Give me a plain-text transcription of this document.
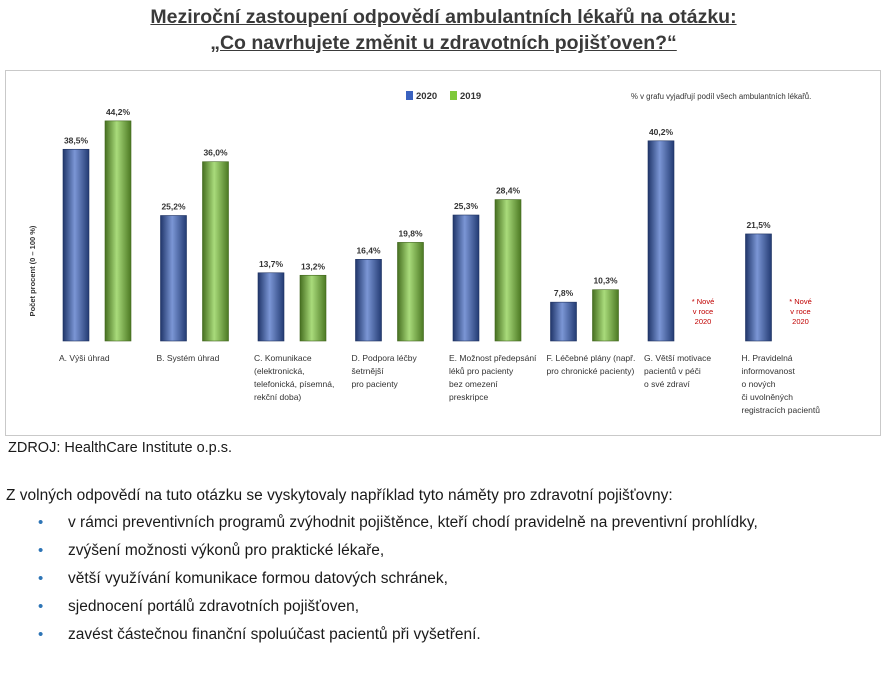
Meziroční zastoupení odpovědí ambulantních lékařů na otázku:
„Co navrhujete změnit u zdravotních pojišťoven?“
Počet procent (0 – 100 %)
2020 2019	% v grafu vyjadřují podíl všech ambulantních lékařů.
38,5%
44,2%
A. Výši úhrad
25,2%
36,0%
B. Systém úhrad
13,7% 13,2%
C. Komunikace
(elektronická,
telefonická, písemná,
rekční doba)
16,4%
19,8%
D. Podpora léčby
šetrnější
pro pacienty
25,3%
28,4%
E. Možnost předepsání
léků pro pacienty
bez omezení
preskripce
7,8%
10,3%
F. Léčebné plány (např.
pro chronické pacienty)
40,2%
* Nové
v roce
2020
G. Větší motivace
pacientů v péči
o své zdraví
21,5%
* Nové
v roce
2020
H. Pravidelná
informovanost
o nových
či uvolněných
registracích pacientů
ZDROJ: HealthCare Institute o.p.s.
Z volných odpovědí na tuto otázku se vyskytovaly například tyto náměty pro zdravotní pojišťovny:
• v rámci preventivních programů zvýhodnit pojištěnce, kteří chodí pravidelně na preventivní prohlídky,
• zvýšení možnosti výkonů pro praktické lékaře,
• větší využívání komunikace formou datových schránek,
• sjednocení portálů zdravotních pojišťoven,
• zavést částečnou finanční spoluúčast pacientů při vyšetření.
